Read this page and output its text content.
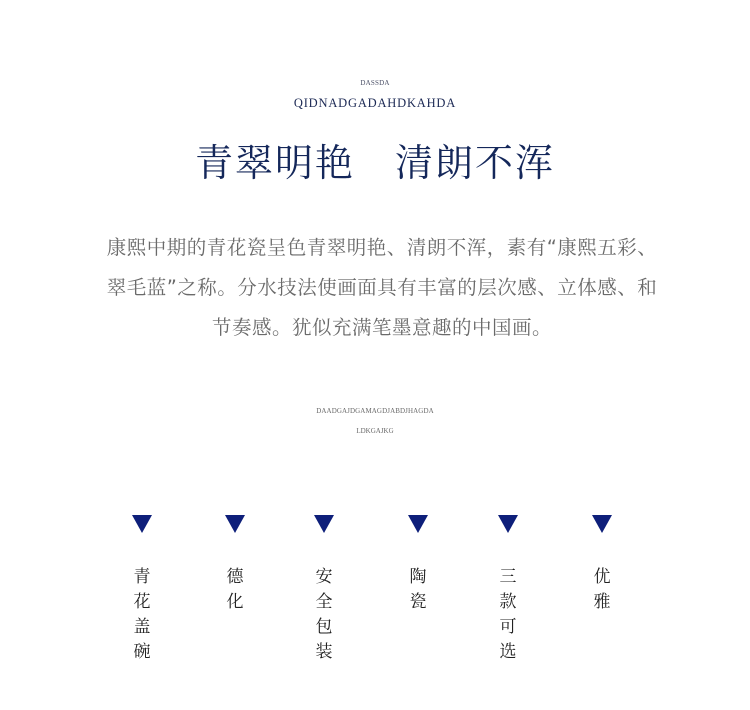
DASSDA
QIDNADGADAHDKAHDA
青翠明艳　清朗不浑
康熙中期的青花瓷呈色青翠明艳、清朗不浑，素有“康熙五彩、
翠毛蓝”之称。分水技法使画面具有丰富的层次感、立体感、和
节奏感。犹似充满笔墨意趣的中国画。
DAADGAJDGAMAGDJABDJHAGDA
LDKGAJKG
青花盖碗
德化
安全包装
陶瓷
三款可选
优雅
